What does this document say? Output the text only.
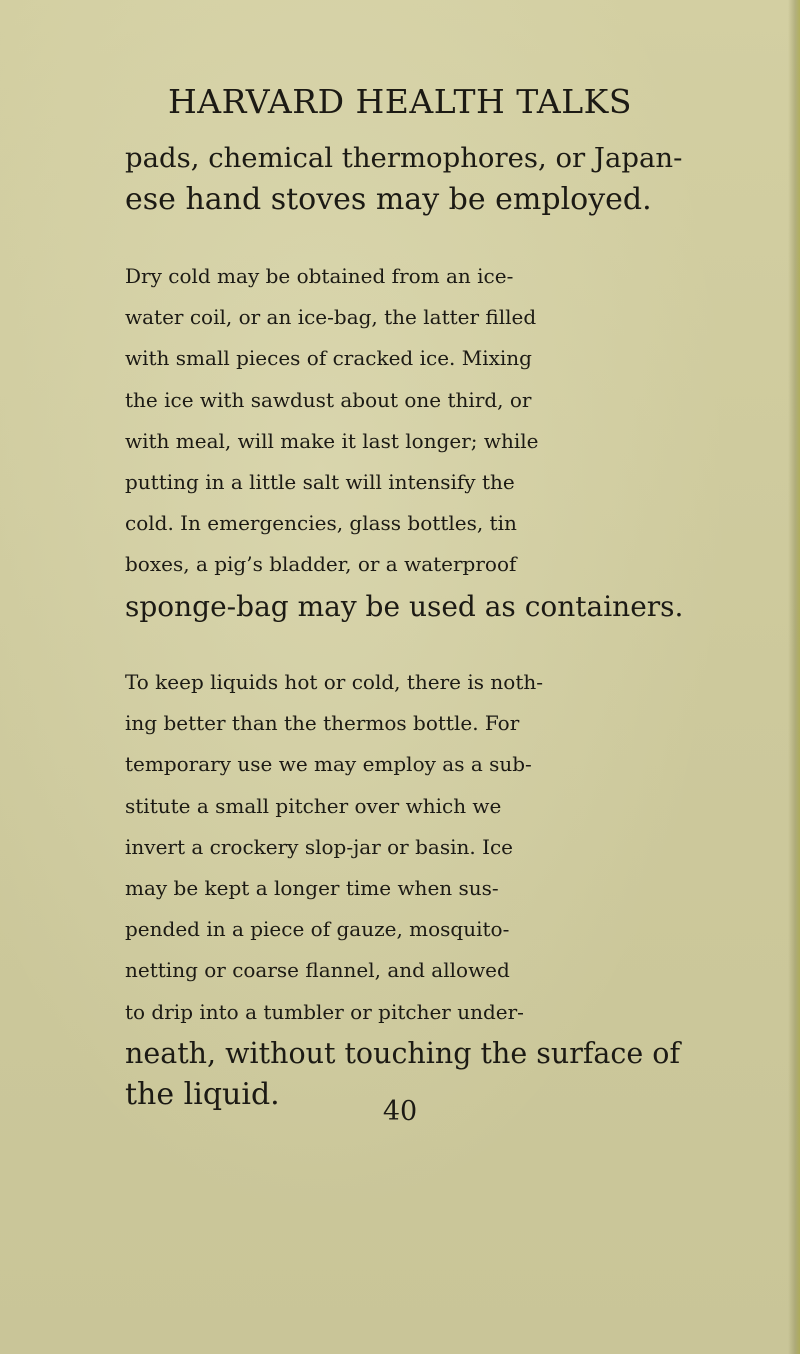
HARVARD HEALTH TALKS

pads, chemical thermophores, or Japan-
ese hand stoves may be employed.

Dry cold may be obtained from an ice-
water coil, or an ice-bag, the latter filled
with small pieces of cracked ice. Mixing
the ice with sawdust about one third, or
with meal, will make it last longer; while
putting in a little salt will intensify the
cold. In emergencies, glass bottles, tin
boxes, a pig’s bladder, or a waterproof
sponge-bag may be used as containers.

To keep liquids hot or cold, there is noth-
ing better than the thermos bottle. For
temporary use we may employ as a sub-
stitute a small pitcher over which we
invert a crockery slop-jar or basin. Ice
may be kept a longer time when sus-
pended in a piece of gauze, mosquito-
netting or coarse flannel, and allowed
to drip into a tumbler or pitcher under-
neath, without touching the surface of
the liquid.	40
